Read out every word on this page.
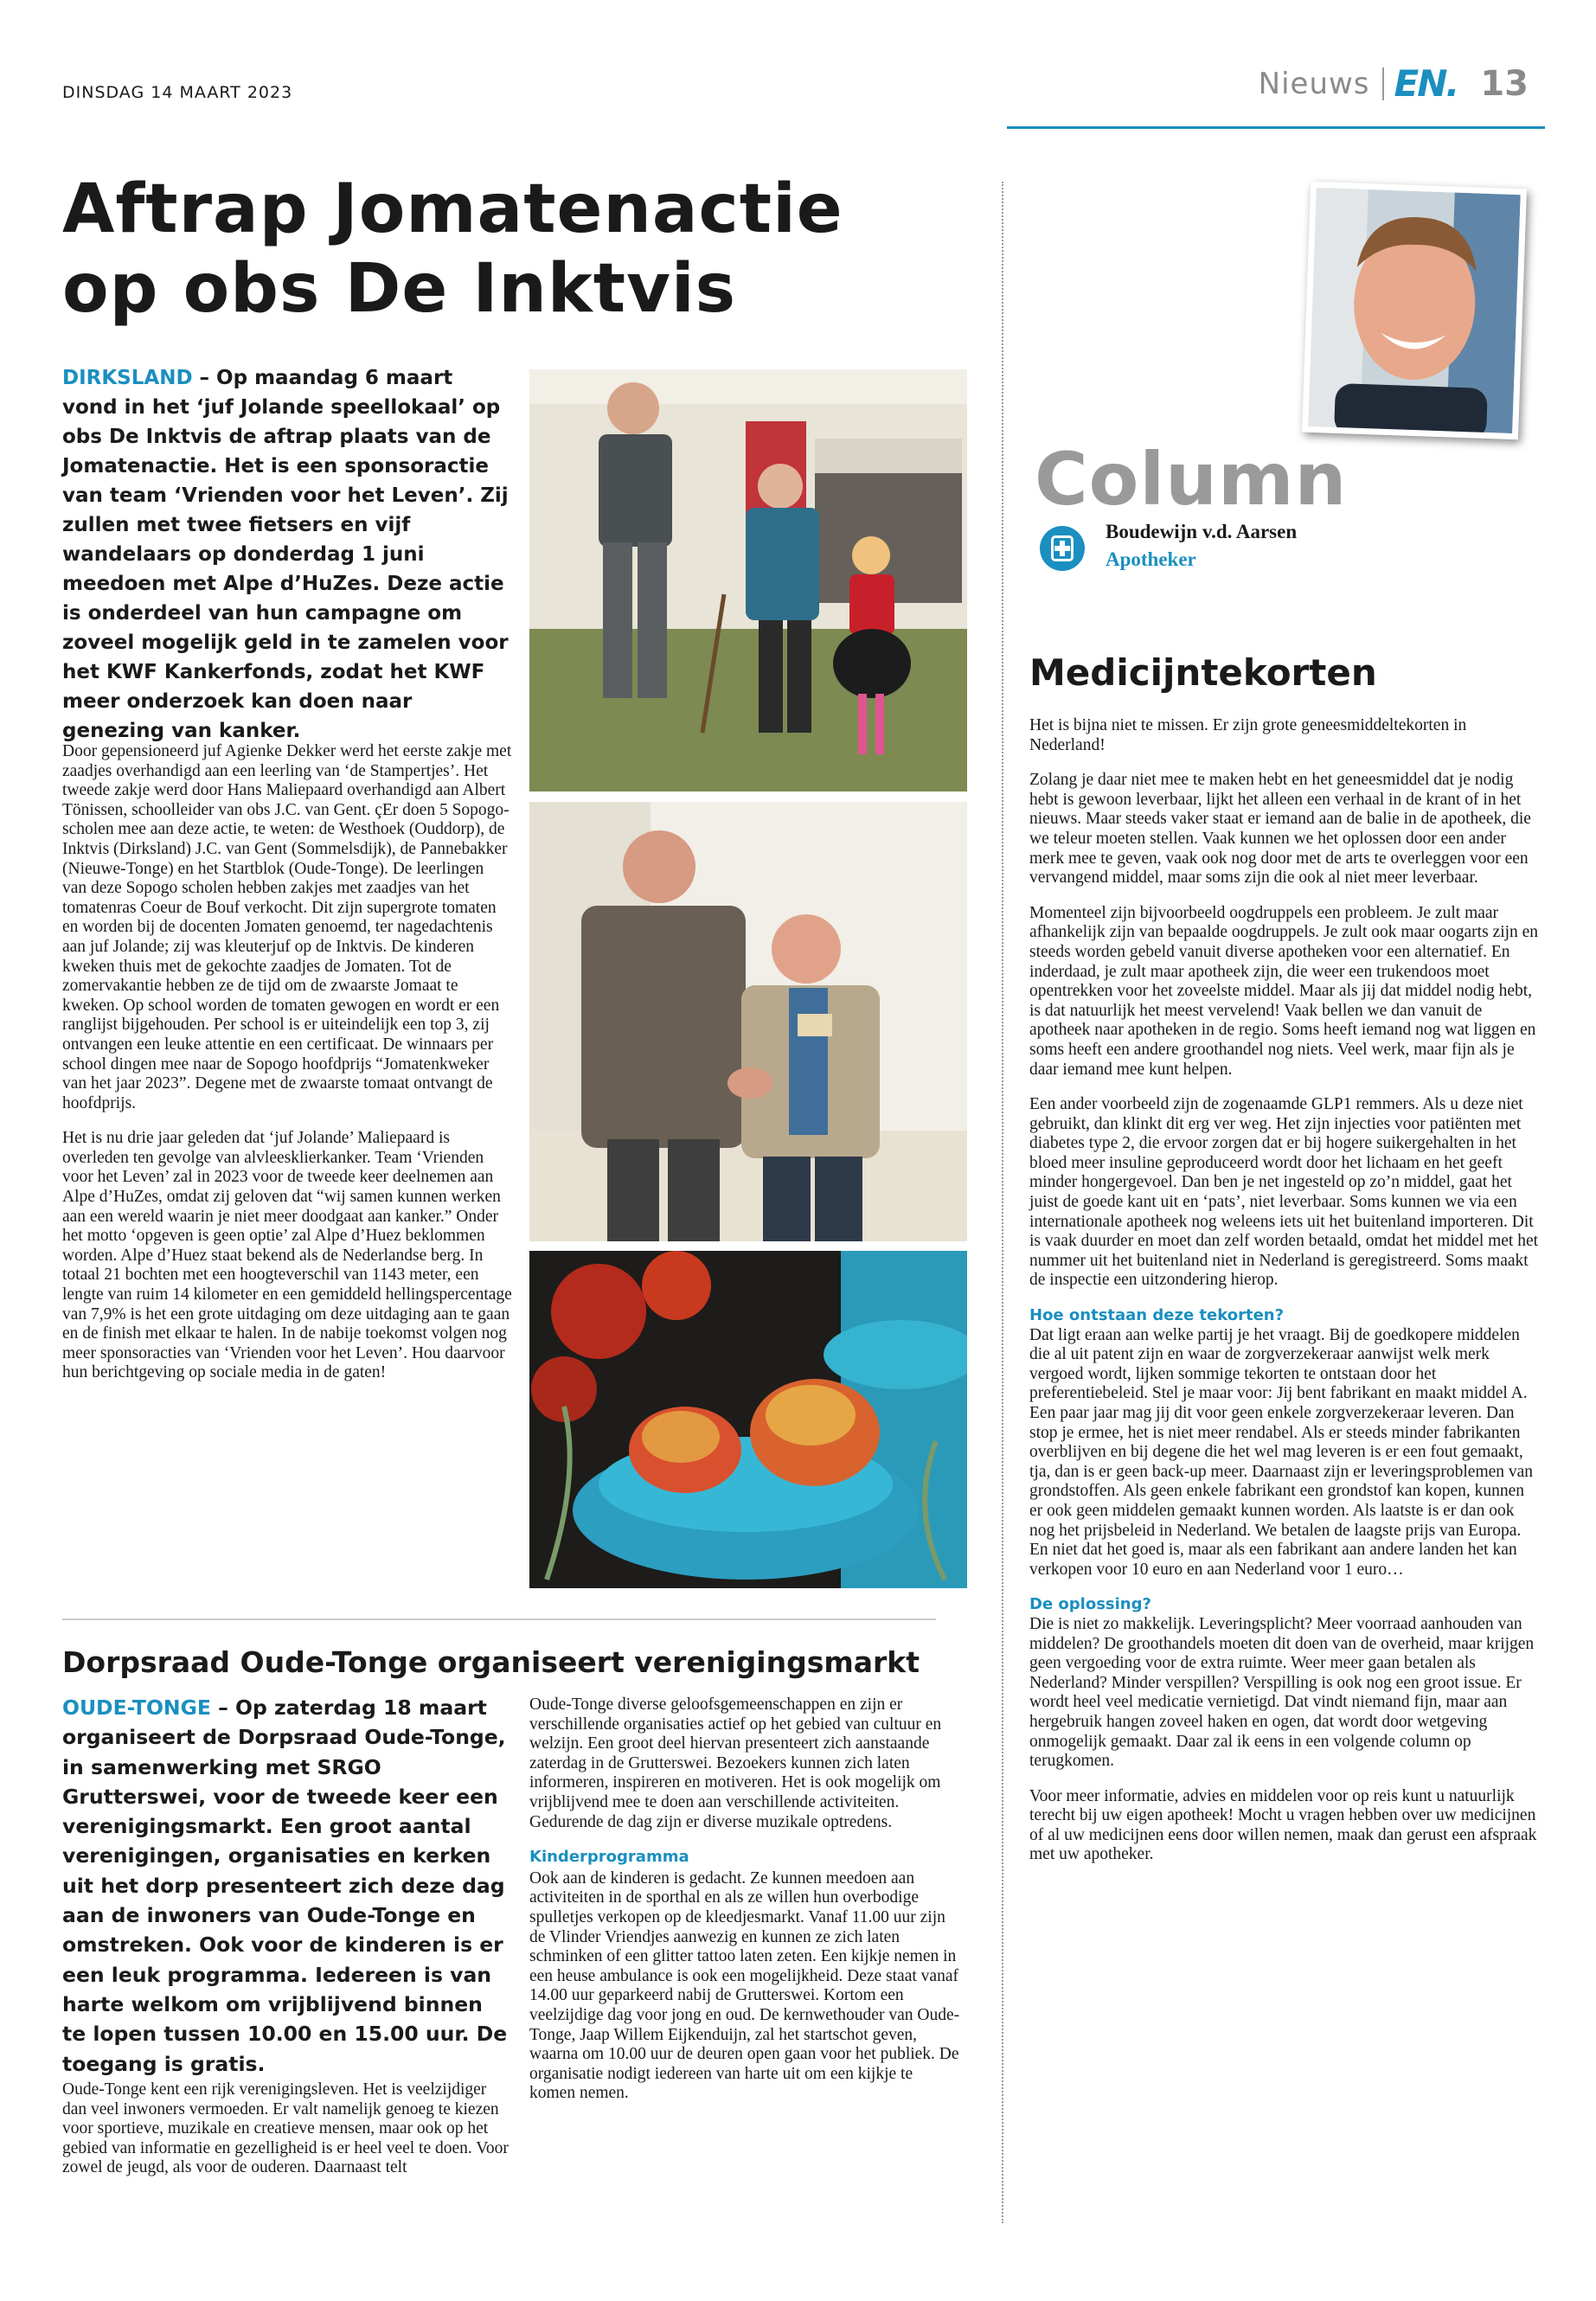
DINSDAG 14 MAART 2023	Nieuws EN. 13
Aftrap Jomatenactie
op obs De Inktvis
DIRKSLAND – Op maandag 6 maart vond in het ‘juf Jolande speellokaal’ op obs De Inktvis de aftrap plaats van de Jomatenactie. Het is een sponsoractie van team ‘Vrienden voor het Leven’. Zij zullen met twee fietsers en vijf wandelaars op donderdag 1 juni meedoen met Alpe d’HuZes. Deze actie is onderdeel van hun campagne om zoveel mogelijk geld in te zamelen voor het KWF Kankerfonds, zodat het KWF meer onderzoek kan doen naar genezing van kanker.

Door gepensioneerd juf Agienke Dekker werd het eerste zakje met zaadjes overhandigd aan een leerling van ‘de Stampertjes’. Het tweede zakje werd door Hans Maliepaard overhandigd aan Albert Tönissen, schoolleider van obs J.C. van Gent. çEr doen 5 Sopogo-scholen mee aan deze actie, te weten: de Westhoek (Ouddorp), de Inktvis (Dirksland) J.C. van Gent (Sommelsdijk), de Pannebakker (Nieuwe-Tonge) en het Startblok (Oude-Tonge). De leerlingen van deze Sopogo scholen hebben zakjes met zaadjes van het tomatenras Coeur de Bouf verkocht. Dit zijn supergrote tomaten en worden bij de docenten Jomaten genoemd, ter nagedachtenis aan juf Jolande; zij was kleuterjuf op de Inktvis. De kinderen kweken thuis met de gekochte zaadjes de Jomaten. Tot de zomervakantie hebben ze de tijd om de zwaarste Jomaat te kweken. Op school worden de tomaten gewogen en wordt er een ranglijst bijgehouden. Per school is er uiteindelijk een top 3, zij ontvangen een leuke attentie en een certificaat. De winnaars per school dingen mee naar de Sopogo hoofdprijs “Jomatenkweker van het jaar 2023”. Degene met de zwaarste tomaat ontvangt de hoofdprijs.

Het is nu drie jaar geleden dat ‘juf Jolande’ Maliepaard is overleden ten gevolge van alvleesklierkanker. Team ‘Vrienden voor het Leven’ zal in 2023 voor de tweede keer deelnemen aan Alpe d’HuZes, omdat zij geloven dat “wij samen kunnen werken aan een wereld waarin je niet meer doodgaat aan kanker.” Onder het motto ‘opgeven is geen optie’ zal Alpe d’Huez beklommen worden. Alpe d’Huez staat bekend als de Nederlandse berg. In totaal 21 bochten met een hoogteverschil van 1143 meter, een lengte van ruim 14 kilometer en een gemiddeld hellingspercentage van 7,9% is het een grote uitdaging om deze uitdaging aan te gaan en de finish met elkaar te halen. In de nabije toekomst volgen nog meer sponsoracties van ‘Vrienden voor het Leven’. Hou daarvoor hun berichtgeving op sociale media in de gaten!

Dorpsraad Oude-Tonge organiseert verenigingsmarkt
OUDE-TONGE – Op zaterdag 18 maart organiseert de Dorpsraad Oude-Tonge, in samenwerking met SRGO Grutterswei, voor de tweede keer een verenigingsmarkt. Een groot aantal verenigingen, organisaties en kerken uit het dorp presenteert zich deze dag aan de inwoners van Oude-Tonge en omstreken. Ook voor de kinderen is er een leuk programma. Iedereen is van harte welkom om vrijblijvend binnen te lopen tussen 10.00 en 15.00 uur. De toegang is gratis.

Oude-Tonge kent een rijk verenigingsleven. Het is veelzijdiger dan veel inwoners vermoeden. Er valt namelijk genoeg te kiezen voor sportieve, muzikale en creatieve mensen, maar ook op het gebied van informatie en gezelligheid is er heel veel te doen. Voor zowel de jeugd, als voor de ouderen. Daarnaast telt

Oude-Tonge diverse geloofsgemeenschappen en zijn er verschillende organisaties actief op het gebied van cultuur en welzijn. Een groot deel hiervan presenteert zich aanstaande zaterdag in de Grutterswei. Bezoekers kunnen zich laten informeren, inspireren en motiveren. Het is ook mogelijk om vrijblijvend mee te doen aan verschillende activiteiten. Gedurende de dag zijn er diverse muzikale optredens.

Kinderprogramma

Ook aan de kinderen is gedacht. Ze kunnen meedoen aan activiteiten in de sporthal en als ze willen hun overbodige spulletjes verkopen op de kleedjesmarkt. Vanaf 11.00 uur zijn de Vlinder Vriendjes aanwezig en kunnen ze zich laten schminken of een glitter tattoo laten zeten. Een kijkje nemen in een heuse ambulance is ook een mogelijkheid. Deze staat vanaf 14.00 uur geparkeerd nabij de Grutterswei. Kortom een veelzijdige dag voor jong en oud. De kernwethouder van Oude-Tonge, Jaap Willem Eijkenduijn, zal het startschot geven, waarna om 10.00 uur de deuren open gaan voor het publiek. De organisatie nodigt iedereen van harte uit om een kijkje te komen nemen.

Column
Boudewijn v.d. Aarsen
Apotheker
Medicijntekorten

Het is bijna niet te missen. Er zijn grote geneesmiddeltekorten in Nederland!

Zolang je daar niet mee te maken hebt en het geneesmiddel dat je nodig hebt is gewoon leverbaar, lijkt het alleen een verhaal in de krant of in het nieuws. Maar steeds vaker staat er iemand aan de balie in de apotheek, die we teleur moeten stellen. Vaak kunnen we het oplossen door een ander merk mee te geven, vaak ook nog door met de arts te overleggen voor een vervangend middel, maar soms zijn die ook al niet meer leverbaar.

Momenteel zijn bijvoorbeeld oogdruppels een probleem. Je zult maar afhankelijk zijn van bepaalde oogdruppels. Je zult ook maar oogarts zijn en steeds worden gebeld vanuit diverse apotheken voor een alternatief. En inderdaad, je zult maar apotheek zijn, die weer een trukendoos moet opentrekken voor het zoveelste middel. Maar als jij dat middel nodig hebt, is dat natuurlijk het meest vervelend! Vaak bellen we dan vanuit de apotheek naar apotheken in de regio. Soms heeft iemand nog wat liggen en soms heeft een andere groothandel nog niets. Veel werk, maar fijn als je daar iemand mee kunt helpen.

Een ander voorbeeld zijn de zogenaamde GLP1 remmers. Als u deze niet gebruikt, dan klinkt dit erg ver weg. Het zijn injecties voor patiënten met diabetes type 2, die ervoor zorgen dat er bij hogere suikergehalten in het bloed meer insuline geproduceerd wordt door het lichaam en het geeft minder hongergevoel. Dan ben je net ingesteld op zo’n middel, gaat het juist de goede kant uit en ‘pats’, niet leverbaar. Soms kunnen we via een internationale apotheek nog weleens iets uit het buitenland importeren. Dit is vaak duurder en moet dan zelf worden betaald, omdat het middel met het nummer uit het buitenland niet in Nederland is geregistreerd. Soms maakt de inspectie een uitzondering hierop.

Hoe ontstaan deze tekorten?

Dat ligt eraan aan welke partij je het vraagt. Bij de goedkopere middelen die al uit patent zijn en waar de zorgverzekeraar aanwijst welk merk vergoed wordt, lijken sommige tekorten te ontstaan door het preferentiebeleid. Stel je maar voor: Jij bent fabrikant en maakt middel A. Een paar jaar mag jij dit voor geen enkele zorgverzekeraar leveren. Dan stop je ermee, het is niet meer rendabel. Als er steeds minder fabrikanten overblijven en bij degene die het wel mag leveren is er een fout gemaakt, tja, dan is er geen back-up meer. Daarnaast zijn er leveringsproblemen van grondstoffen. Als geen enkele fabrikant een grondstof kan kopen, kunnen er ook geen middelen gemaakt kunnen worden. Als laatste is er dan ook nog het prijsbeleid in Nederland. We betalen de laagste prijs van Europa. En niet dat het goed is, maar als een fabrikant aan andere landen het kan verkopen voor 10 euro en aan Nederland voor 1 euro…

De oplossing?

Die is niet zo makkelijk. Leveringsplicht? Meer voorraad aanhouden van middelen? De groothandels moeten dit doen van de overheid, maar krijgen geen vergoeding voor de extra ruimte. Weer meer gaan betalen als Nederland? Minder verspillen? Verspilling is ook nog een groot issue. Er wordt heel veel medicatie vernietigd. Dat vindt niemand fijn, maar aan hergebruik hangen zoveel haken en ogen, dat wordt door wetgeving onmogelijk gemaakt. Daar zal ik eens in een volgende column op terugkomen.

Voor meer informatie, advies en middelen voor op reis kunt u natuurlijk terecht bij uw eigen apotheek! Mocht u vragen hebben over uw medicijnen of al uw medicijnen eens door willen nemen, maak dan gerust een afspraak met uw apotheker.
